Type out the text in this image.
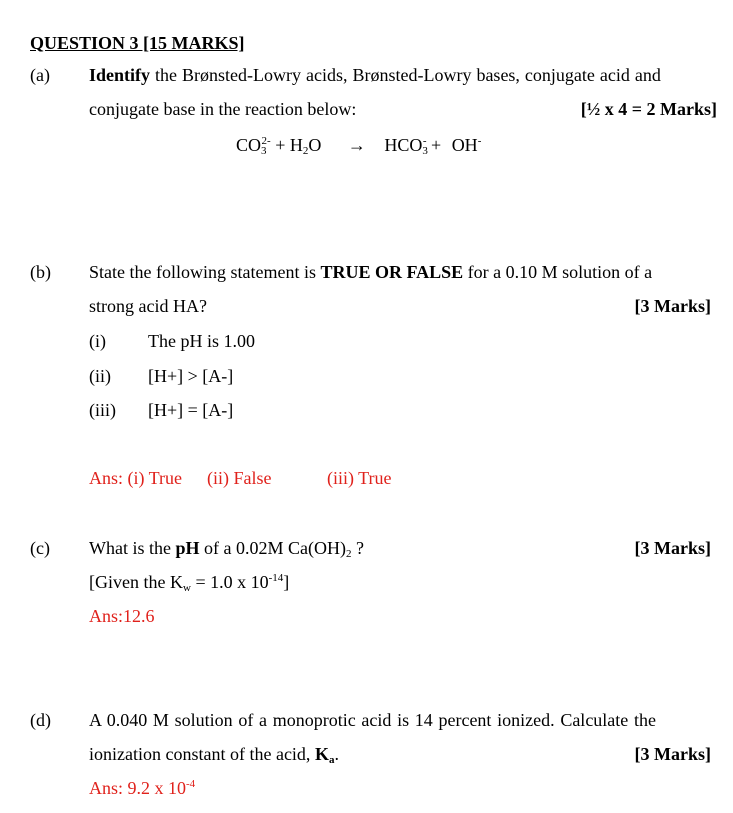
QUESTION 3 [15 MARKS]
(a) Identify the Brønsted-Lowry acids, Brønsted-Lowry bases, conjugate acid and
conjugate base in the reaction below:	[½ x 4 = 2 Marks]
$CO_3^{2-} + H_2O \to HCO_3^- + OH^-$
(b) State the following statement is TRUE OR FALSE for a 0.10 M solution of a
strong acid HA?	[3 Marks]
(i) The pH is 1.00
(ii) [H+] > [A-]
(iii) [H+] = [A-]
Ans: (i) True (ii) False	(iii) True
(c) What is the pH of a 0.02M $Ca(OH)_2$ ?	[3 Marks]
[Given the $K_w = 1.0$ x $10^{-14}$]
Ans:12.6
(d) A 0.040 M solution of a monoprotic acid is 14 percent ionized. Calculate the
ionization constant of the acid, $K_a$.	[3 Marks]
Ans: 9.2 x $10^{-4}$
